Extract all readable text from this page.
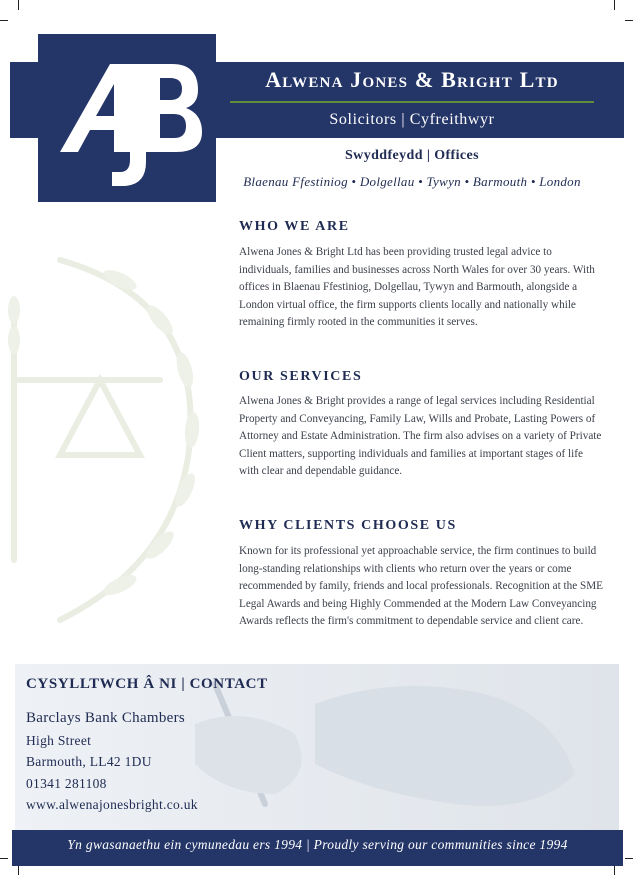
Alwena Jones & Bright Ltd
Solicitors | Cyfreithwyr
Swyddfeydd | Offices
Blaenau Ffestiniog • Dolgellau • Tywyn • Barmouth • London
WHO WE ARE
Alwena Jones & Bright Ltd has been providing trusted legal advice to individuals, families and businesses across North Wales for over 30 years. With offices in Blaenau Ffestiniog, Dolgellau, Tywyn and Barmouth, alongside a London virtual office, the firm supports clients locally and nationally while remaining firmly rooted in the communities it serves.
OUR SERVICES
Alwena Jones & Bright provides a range of legal services including Residential Property and Conveyancing, Family Law, Wills and Probate, Lasting Powers of Attorney and Estate Administration. The firm also advises on a variety of Private Client matters, supporting individuals and families at important stages of life with clear and dependable guidance.
WHY CLIENTS CHOOSE US
Known for its professional yet approachable service, the firm continues to build long-standing relationships with clients who return over the years or come recommended by family, friends and local professionals. Recognition at the SME Legal Awards and being Highly Commended at the Modern Law Conveyancing Awards reflects the firm's commitment to dependable service and client care.
CYSYLLTWCH Â NI | CONTACT
Barclays Bank Chambers
High Street
Barmouth, LL42 1DU
01341 281108
www.alwenajonesbright.co.uk
Yn gwasanaethu ein cymunedau ers 1994 | Proudly serving our communities since 1994
